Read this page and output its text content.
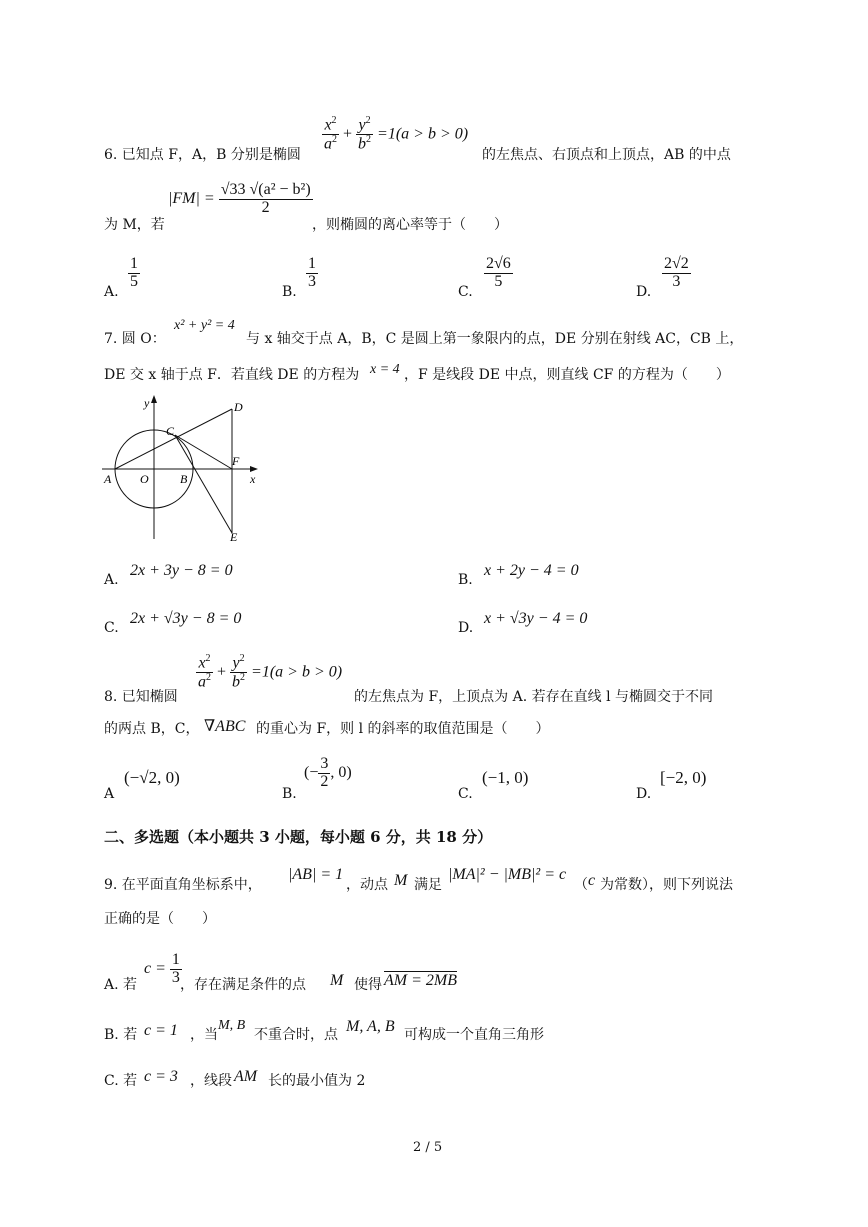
$\frac{x^2}{a^2} + \frac{y^2}{b^2} =1(a > b > 0)$
6. 已知点 F，A，B 分别是椭圆	的左焦点、右顶点和上顶点，AB 的中点
为 M，若
$|FM| = \frac{\text{√33 √(a² − b²)}}{2}$
，则椭圆的离心率等于（　　）
A.
$\frac{1}{5}$
B.
$\frac{1}{3}$
C.
$\frac{2√6}{5}$
D.
$\frac{2√2}{3}$
7. 圆 O：
x² + y² = 4
与 x 轴交于点 A，B，C 是圆上第一象限内的点，DE 分别在射线 AC，CB 上，
DE 交 x 轴于点 F．若直线 DE 的方程为 x = 4 ，F 是线段 DE 中点，则直线 CF 的方程为（　　）
y
x
D
C
F
A O	B
E
A.
2x + 3y − 8 = 0
B.
x + 2y − 4 = 0
C.
2x + √3y − 8 = 0
D.
x + √3y − 4 = 0
8. 已知椭圆
$\frac{x^2}{a^2} + \frac{y^2}{b^2} =1(a > b > 0)$
的左焦点为 F，上顶点为 A. 若存在直线 l 与椭圆交于不同
的两点 B，C， ∇ABC 的重心为 F，则 l 的斜率的取值范围是（　　）
A
(−√2, 0)
B.
(− $\frac{3}{2}$ , 0)
C.
(−1, 0)
D.
[−2, 0)
二、多选题（本小题共 3 小题，每小题 6 分，共 18 分）
9. 在平面直角坐标系中，
|AB| = 1
，动点 M 满足
|MA|² − |MB|² = c
（ c 为常数），则下列说法
正确的是（　　）
A. 若
$c = \frac{1}{3}$
，存在满足条件的点 M 使得 AM = 2MB
B. 若 c = 1 ，当
M, B
不重合时，点 M, A, B 可构成一个直角三角形
C. 若 c = 3 ，线段 AM 长的最小值为 2
2 / 5
